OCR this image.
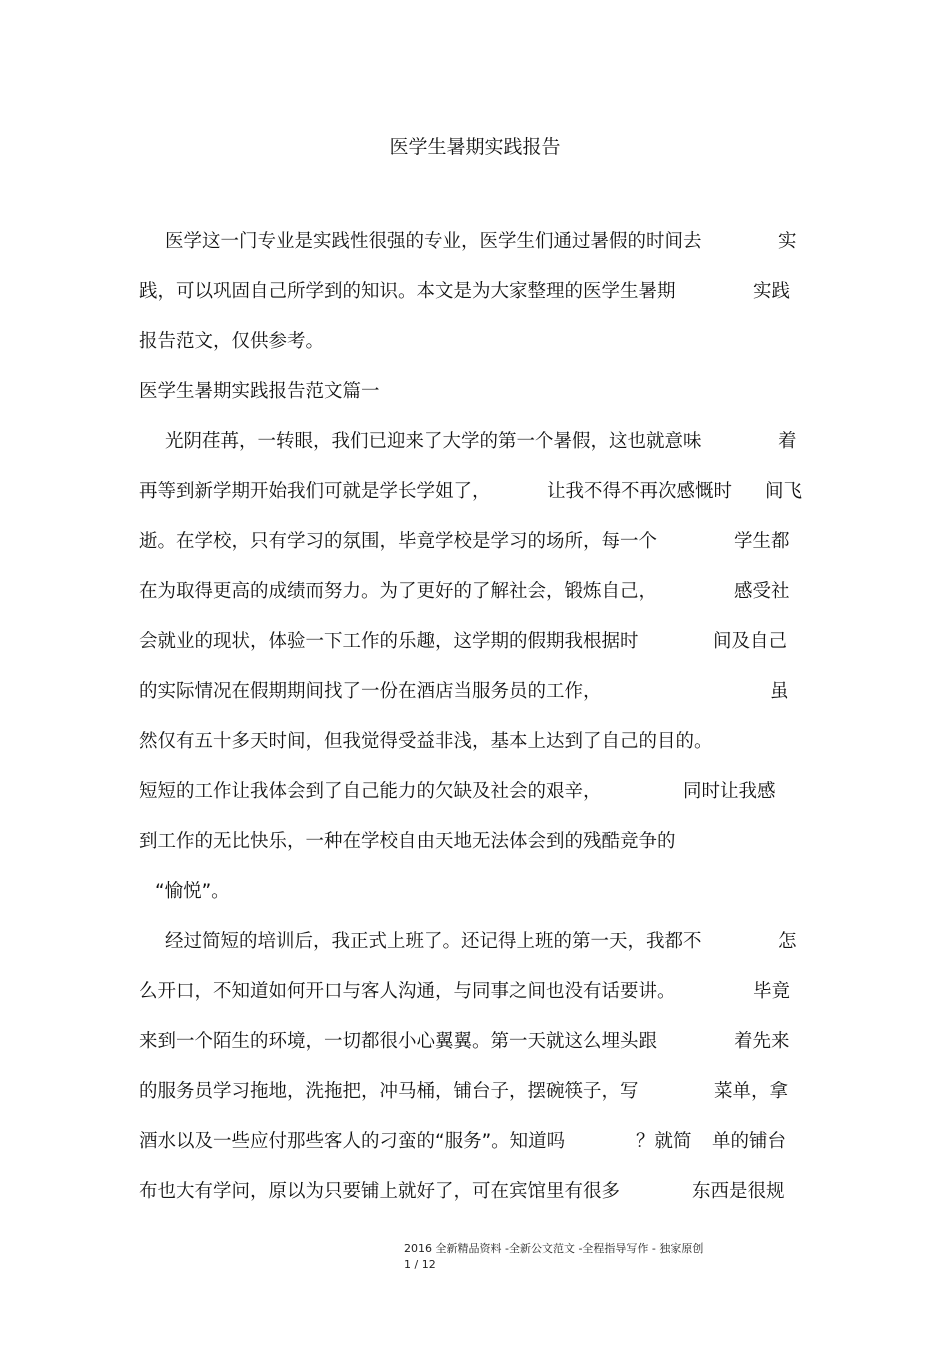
医学生暑期实践报告
医学这一门专业是实践性很强的专业，医学生们通过暑假的时间去	实
践，可以巩固自己所学到的知识。本文是为大家整理的医学生暑期	实践
报告范文，仅供参考。
医学生暑期实践报告范文篇一
光阴荏苒，一转眼，我们已迎来了大学的第一个暑假，这也就意味	着
再等到新学期开始我们可就是学长学姐了，	让我不得不再次感慨时 间飞
逝。在学校，只有学习的氛围，毕竟学校是学习的场所，每一个	学生都
在为取得更高的成绩而努力。为了更好的了解社会，锻炼自己，	感受社
会就业的现状，体验一下工作的乐趣，这学期的假期我根据时	间及自己
的实际情况在假期期间找了一份在酒店当服务员的工作，	虽
然仅有五十多天时间，但我觉得受益非浅，基本上达到了自己的目的。
短短的工作让我体会到了自己能力的欠缺及社会的艰辛，	同时让我感
到工作的无比快乐，一种在学校自由天地无法体会到的残酷竞争的
“愉悦”。
经过简短的培训后，我正式上班了。还记得上班的第一天，我都不	怎
么开口，不知道如何开口与客人沟通，与同事之间也没有话要讲。	毕竟
来到一个陌生的环境，一切都很小心翼翼。第一天就这么埋头跟	着先来
的服务员学习拖地，洗拖把，冲马桶，铺台子，摆碗筷子，写	菜单，拿
酒水以及一些应付那些客人的刁蛮的“服务”。知道吗	？就简 单的铺台
布也大有学问，原以为只要铺上就好了，可在宾馆里有很多	东西是很规
2016 全新精品资料 -全新公文范文 -全程指导写作 - 独家原创
1 / 12
